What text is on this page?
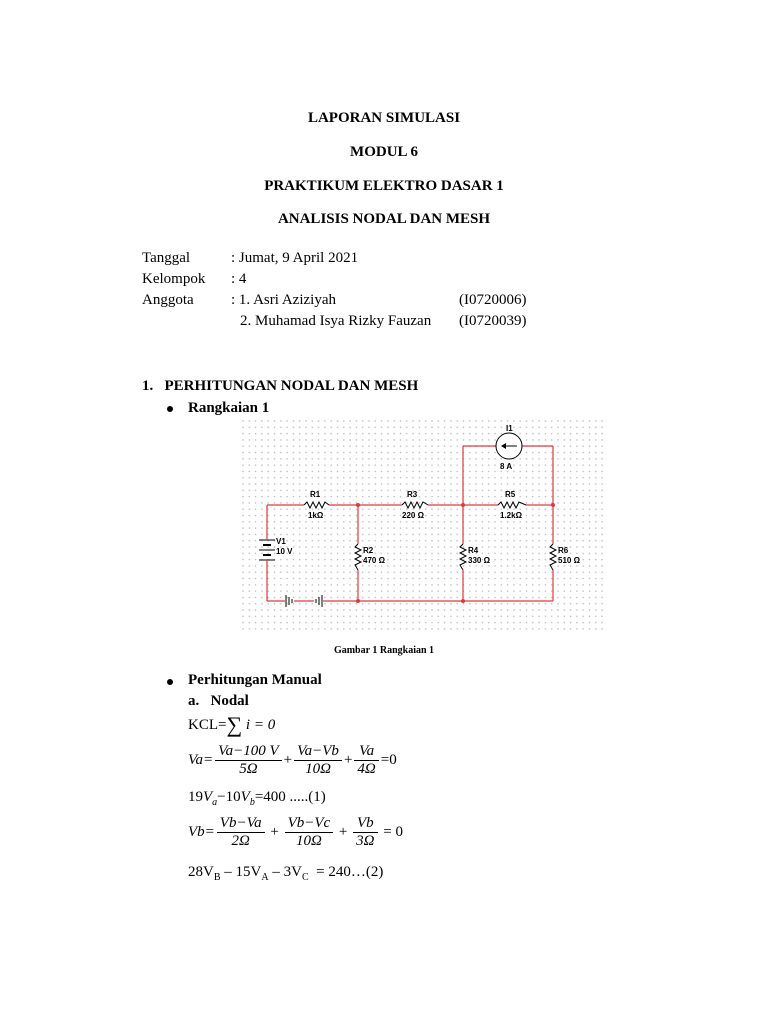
LAPORAN SIMULASI
MODUL 6
PRAKTIKUM ELEKTRO DASAR 1
ANALISIS NODAL DAN MESH
Tanggal	: Jumat, 9 April 2021
Kelompok : 4
Anggota : 1. Asri Aziziyah	(I0720006)
2. Muhamad Isya Rizky Fauzan (I0720039)
1.   PERHITUNGAN NODAL DAN MESH
Rangkaian 1
I1
8 A
R1
1kΩ
R3
220 Ω
R5
1.2kΩ
V1
10 V	R2
470 Ω
R4
330 Ω
R6
510 Ω
Gambar 1 Rangkaian 1
Perhitungan Manual
a.   Nodal
KCL=∑ i = 0
$Va= \frac{Va-100 V}{5\Omega} + \frac{Va-Vb}{10\Omega} + \frac{Va}{4\Omega} =0$
$19V_a-10V_b=400$ .....(1)
$Vb= \frac{Vb-Va}{2\Omega} + \frac{Vb-Vc}{10\Omega} + \frac{Vb}{3\Omega} = 0$
$28V_B - 15V_A - 3V_C$  = 240…(2)
